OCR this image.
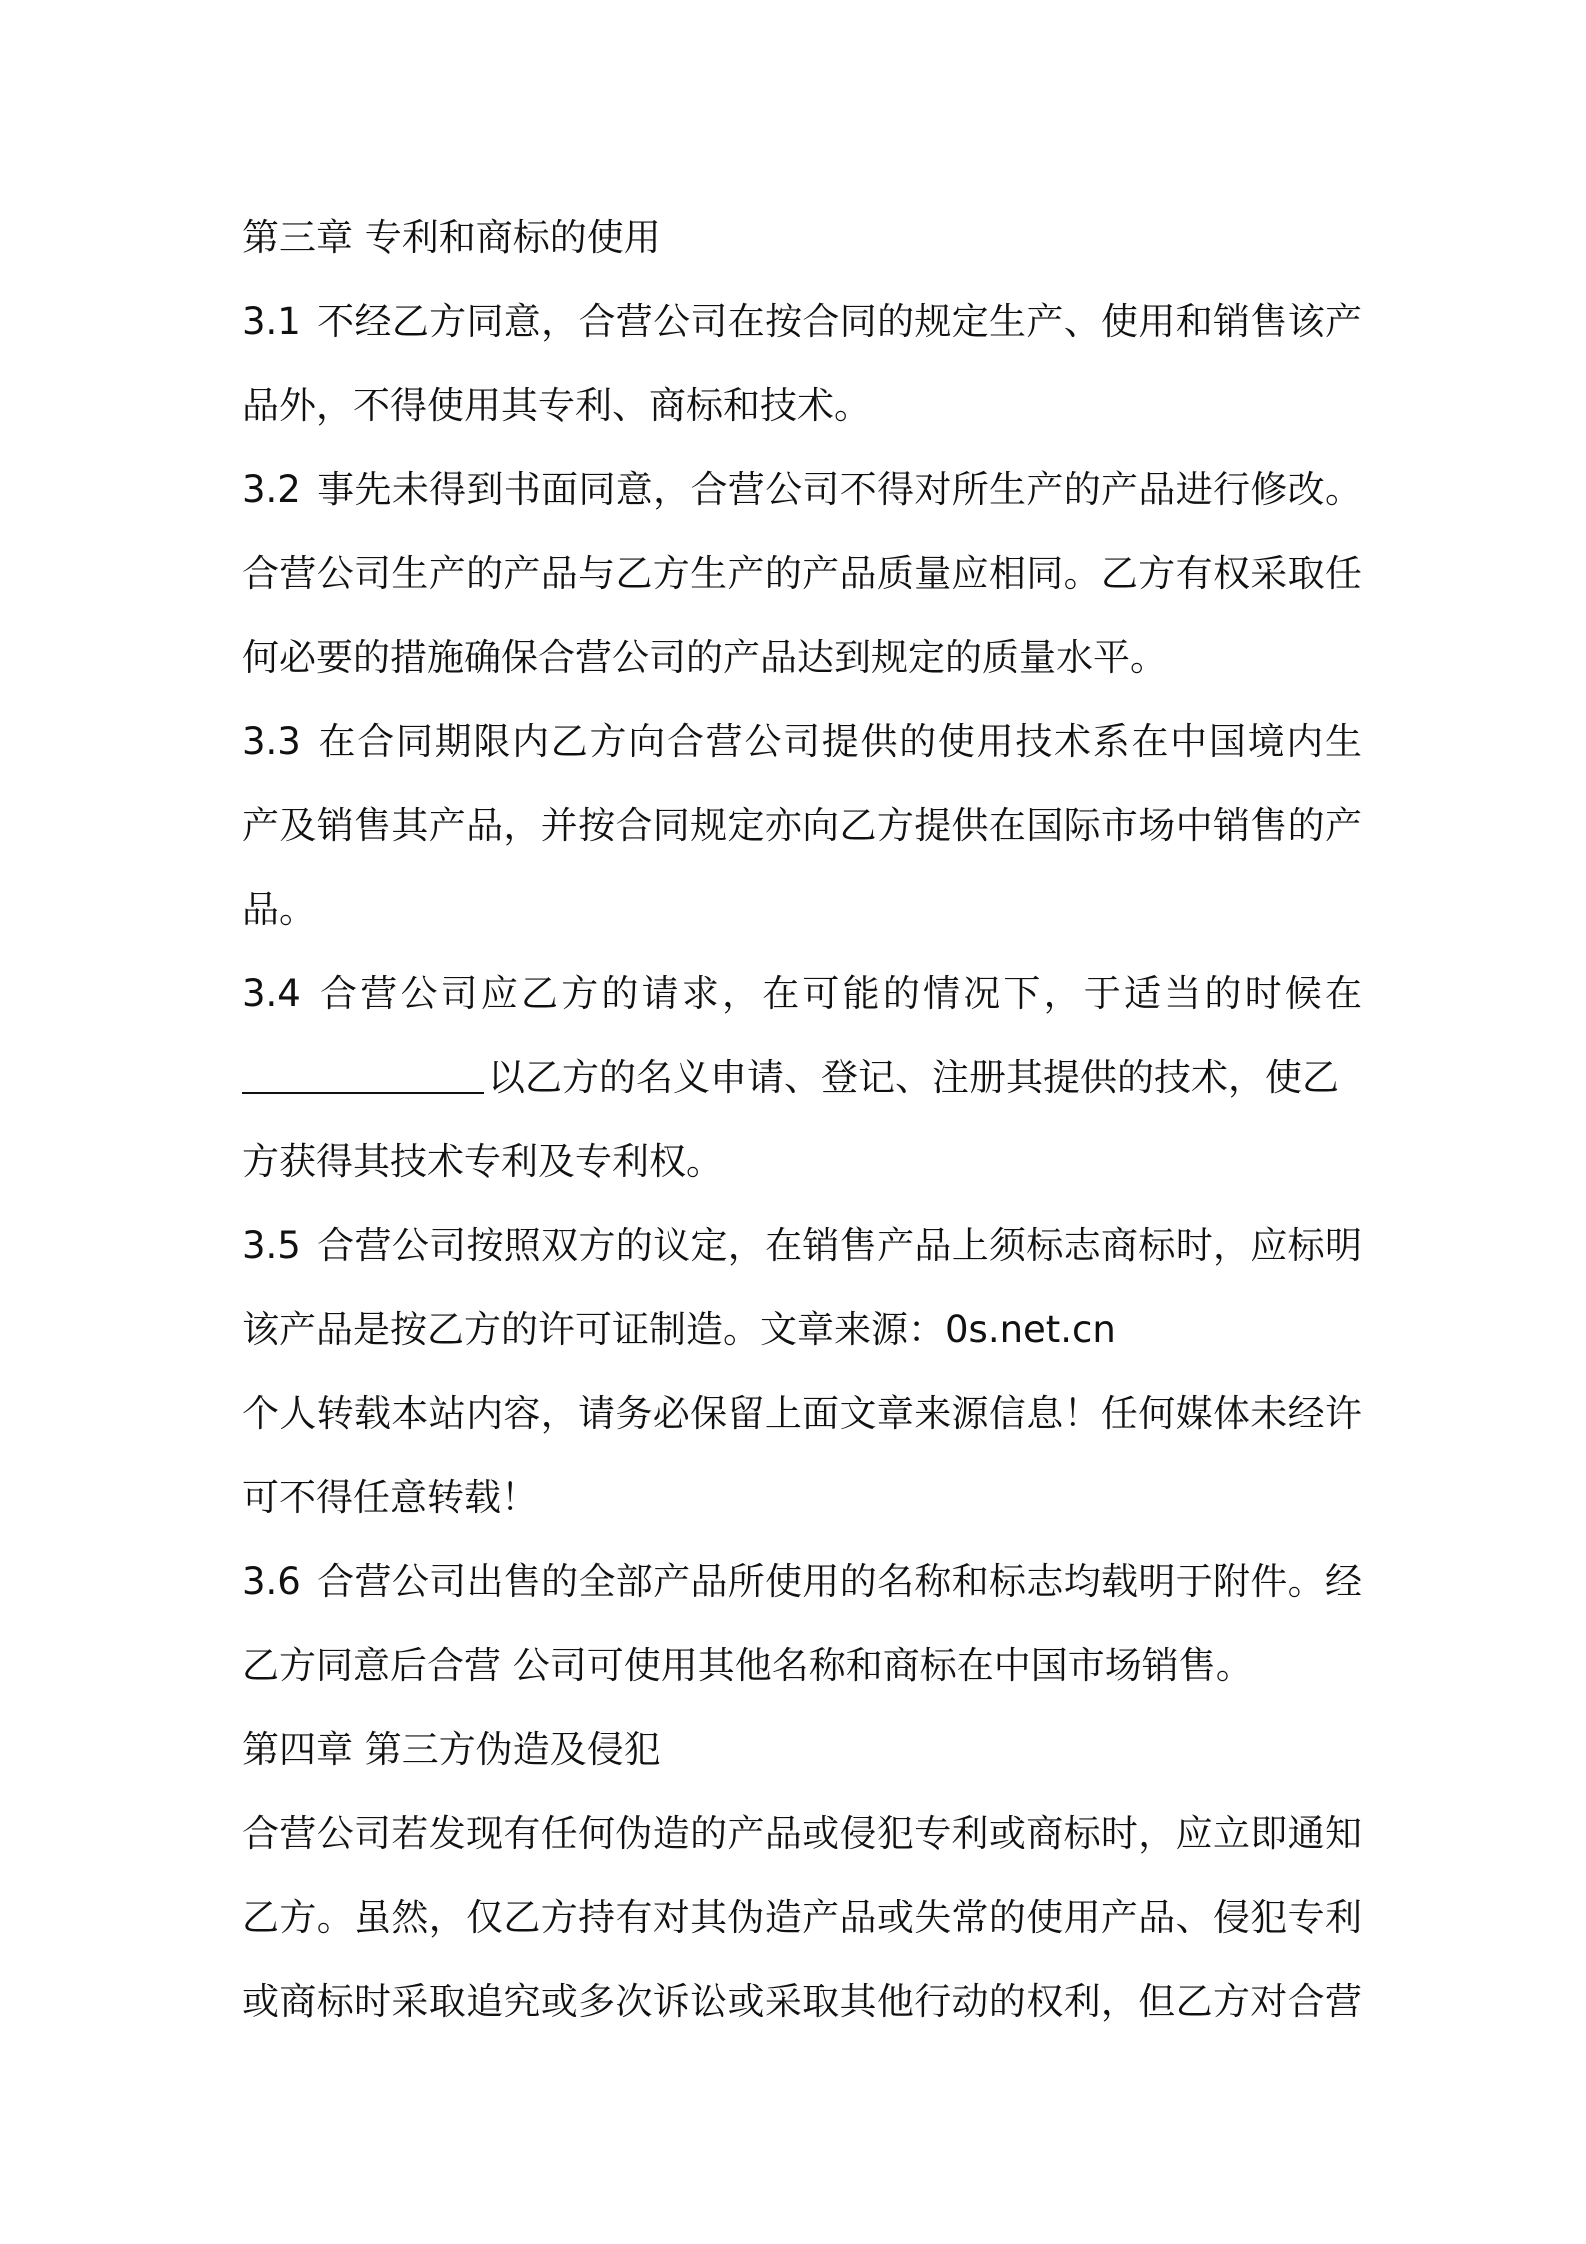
第三章 专利和商标的使用
3.1 不经乙方同意，合营公司在按合同的规定生产、使用和销售该产
品外，不得使用其专利、商标和技术。
3.2 事先未得到书面同意，合营公司不得对所生产的产品进行修改。
合营公司生产的产品与乙方生产的产品质量应相同。乙方有权采取任
何必要的措施确保合营公司的产品达到规定的质量水平。
3.3 在合同期限内乙方向合营公司提供的使用技术系在中国境内生
产及销售其产品，并按合同规定亦向乙方提供在国际市场中销售的产
品。
3.4 合营公司应乙方的请求，在可能的情况下，于适当的时候在
以乙方的名义申请、登记、注册其提供的技术，使乙
方获得其技术专利及专利权。
3.5 合营公司按照双方的议定，在销售产品上须标志商标时，应标明
该产品是按乙方的许可证制造。文章来源：0s.net.cn
个人转载本站内容，请务必保留上面文章来源信息！任何媒体未经许
可不得任意转载！
3.6 合营公司出售的全部产品所使用的名称和标志均载明于附件。经
乙方同意后合营 公司可使用其他名称和商标在中国市场销售。
第四章 第三方伪造及侵犯
合营公司若发现有任何伪造的产品或侵犯专利或商标时，应立即通知
乙方。虽然，仅乙方持有对其伪造产品或失常的使用产品、侵犯专利
或商标时采取追究或多次诉讼或采取其他行动的权利，但乙方对合营
